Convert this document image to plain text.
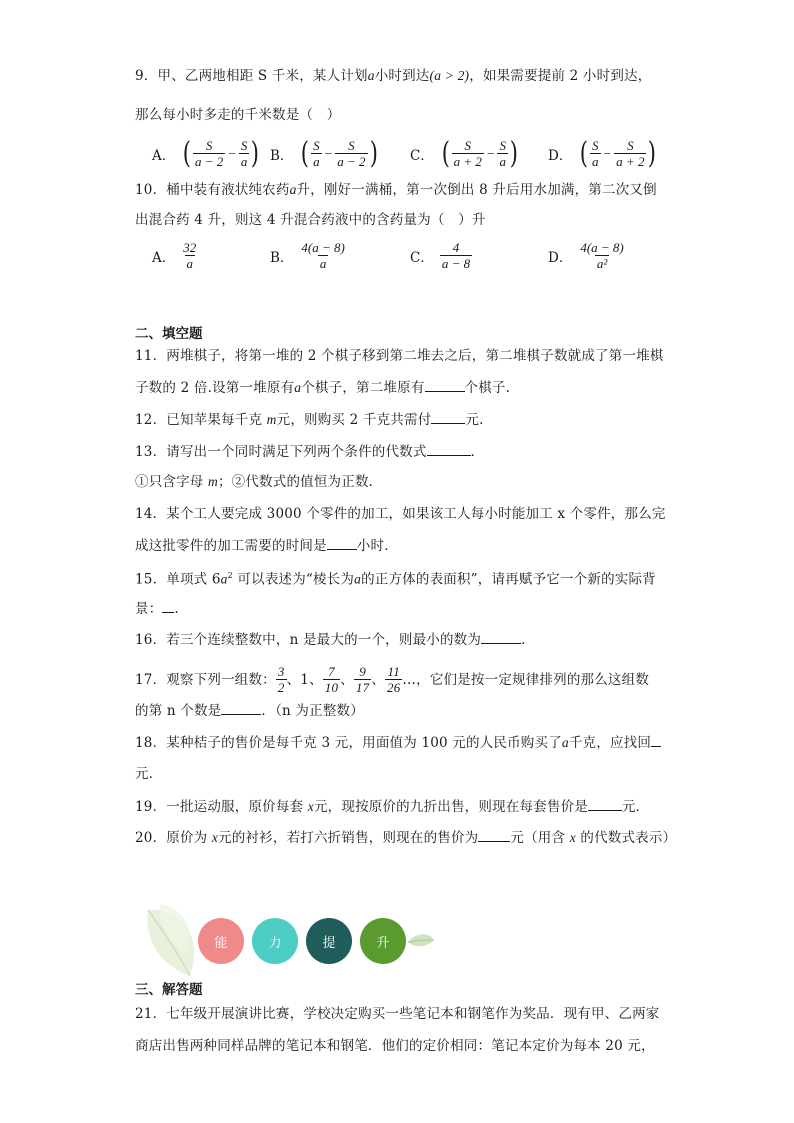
9．甲、乙两地相距 S 千米，某人计划a小时到达(a > 2)，如果需要提前 2 小时到达，
那么每小时多走的千米数是（　）
A． ( $\frac{S}{a - 2} - \frac{S}{a}$ ) B． ( $\frac{S}{a} - \frac{S}{a - 2}$ ) C． ( $\frac{S}{a + 2} - \frac{S}{a}$ ) D． ( $\frac{S}{a} - \frac{S}{a + 2}$ )
10．桶中装有液状纯农药a升，刚好一满桶，第一次倒出 8 升后用水加满，第二次又倒
出混合药 4 升，则这 4 升混合药液中的含药量为（　）升
A． $\frac{32}{a}$	B． $\frac{4(a - 8)}{a}$	C． $\frac{4}{a - 8}$	D． $\frac{4(a - 8)}{\text{a²}}$
二、填空题
11．两堆棋子，将第一堆的 2 个棋子移到第二堆去之后，第二堆棋子数就成了第一堆棋
子数的 2 倍.设第一堆原有a个棋子，第二堆原有	个棋子.
12．已知苹果每千克 m元，则购买 2 千克共需付	元.
13．请写出一个同时满足下列两个条件的代数式	．
①只含字母 m；②代数式的值恒为正数．
14．某个工人要完成 3000 个零件的加工，如果该工人每小时能加工 x 个零件，那么完
成这批零件的加工需要的时间是 小时．
15．单项式 $6a^2$ 可以表述为“棱长为a的正方体的表面积”，请再赋予它一个新的实际背
景： .
16．若三个连续整数中，n 是最大的一个，则最小的数为	．
17．观察下列一组数： $\frac{3}{2}$ 、1、 $\frac{7}{10}$ 、 $\frac{9}{17}$ 、 $\frac{11}{26}$ …，它们是按一定规律排列的那么这组数
的第 n 个数是	．（n 为正整数）
18．某种桔子的售价是每千克 3 元，用面值为 100 元的人民币购买了a千克，应找回
元．
19．一批运动服，原价每套 x元，现按原价的九折出售，则现在每套售价是	元．
20．原价为 x元的衬衫，若打六折销售，则现在的售价为 元（用含 x 的代数式表示）
能	力	提	升
三、解答题
21．七年级开展演讲比赛，学校决定购买一些笔记本和钢笔作为奖品．现有甲、乙两家
商店出售两种同样品牌的笔记本和钢笔．他们的定价相同：笔记本定价为每本 20 元，
